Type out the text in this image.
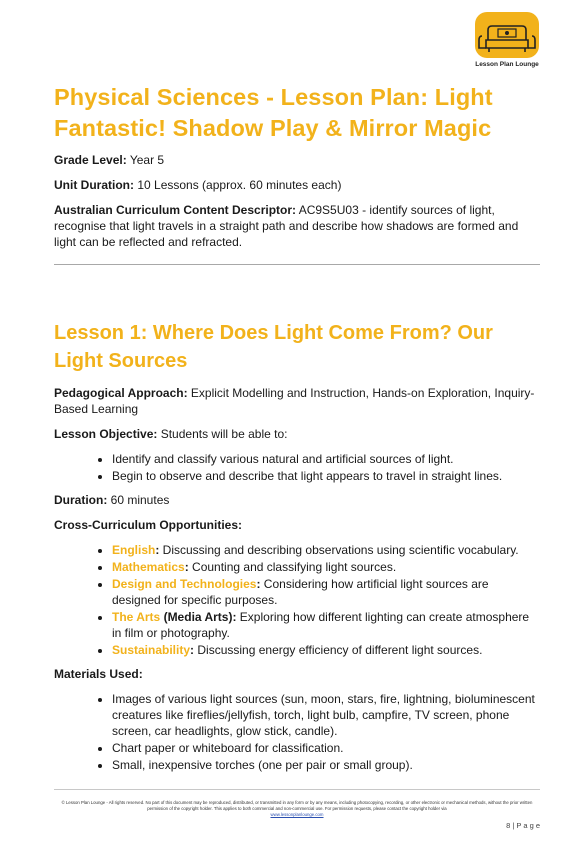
Lesson Plan Lounge
Physical Sciences - Lesson Plan: Light Fantastic! Shadow Play & Mirror Magic

Grade Level: Year 5

Unit Duration: 10 Lessons (approx. 60 minutes each)

Australian Curriculum Content Descriptor: AC9S5U03 - identify sources of light, recognise that light travels in a straight path and describe how shadows are formed and light can be reflected and refracted.

Lesson 1: Where Does Light Come From? Our Light Sources

Pedagogical Approach: Explicit Modelling and Instruction, Hands-on Exploration, Inquiry-Based Learning

Lesson Objective: Students will be able to:

• Identify and classify various natural and artificial sources of light.
• Begin to observe and describe that light appears to travel in straight lines.

Duration: 60 minutes

Cross-Curriculum Opportunities:

• English: Discussing and describing observations using scientific vocabulary.
• Mathematics: Counting and classifying light sources.
• Design and Technologies: Considering how artificial light sources are designed for specific purposes.
• The Arts (Media Arts): Exploring how different lighting can create atmosphere in film or photography.
• Sustainability: Discussing energy efficiency of different light sources.

Materials Used:

• Images of various light sources (sun, moon, stars, fire, lightning, bioluminescent creatures like fireflies/jellyfish, torch, light bulb, campfire, TV screen, phone screen, car headlights, glow stick, candle).
• Chart paper or whiteboard for classification.
• Small, inexpensive torches (one per pair or small group).
© Lesson Plan Lounge - All rights reserved. No part of this document may be reproduced, distributed, or transmitted in any form or by any means, including photocopying, recording, or other electronic or mechanical methods, without the prior written permission of the copyright holder. This applies to both commercial and non-commercial use. For permission requests, please contact the copyright holder via
www.lessonplanlounge.com
8 | P a g e
